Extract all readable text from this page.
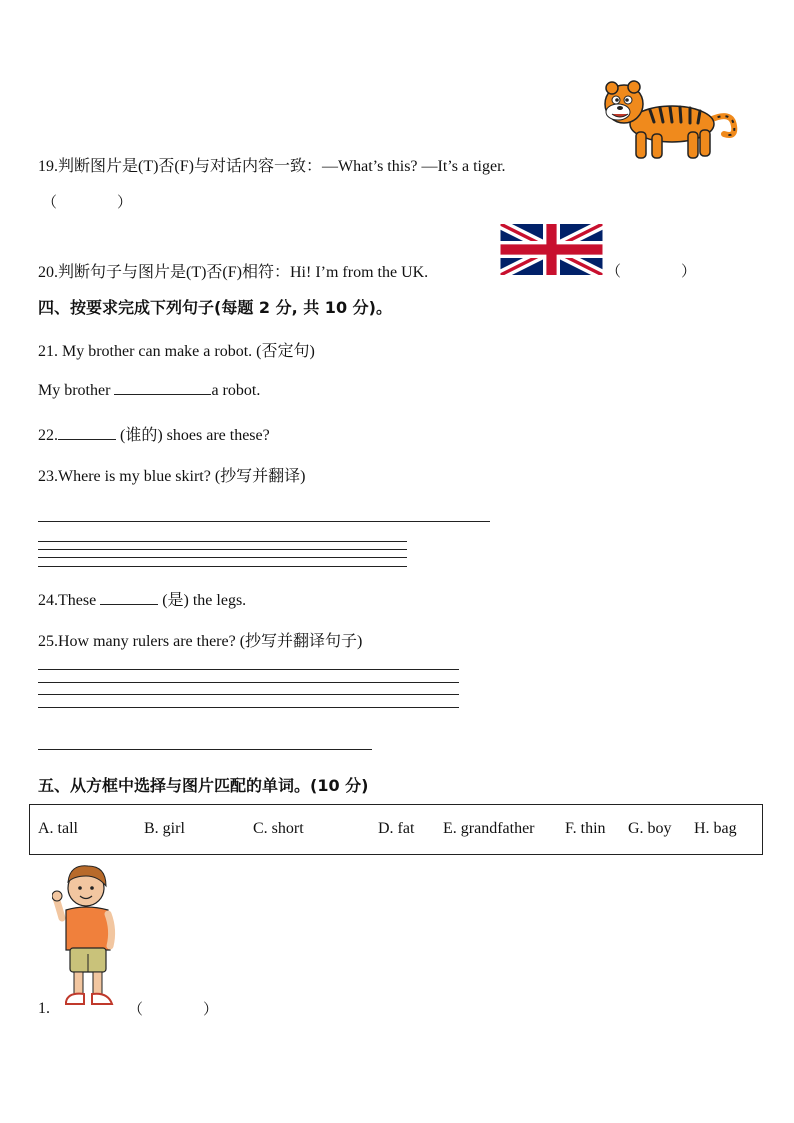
19.判断图片是(T)否(F)与对话内容一致：—What’s this? —It’s a tiger.
（　　　　）
20.判断句子与图片是(T)否(F)相符：Hi! I’m from the UK.	（　　　　）
四、按要求完成下列句子(每题 2 分, 共 10 分)。
21. My brother can make a robot. (否定句)
My brother	a robot.
22.	(谁的) shoes are these?
23.Where is my blue skirt? (抄写并翻译)
24.These	(是) the legs.
25.How many rulers are there? (抄写并翻译句子)
五、从方框中选择与图片匹配的单词。(10 分)
A. tall	B. girl	C. short	D. fat E. grandfather F. thin G. boy H. bag
1.	（　　　　）
